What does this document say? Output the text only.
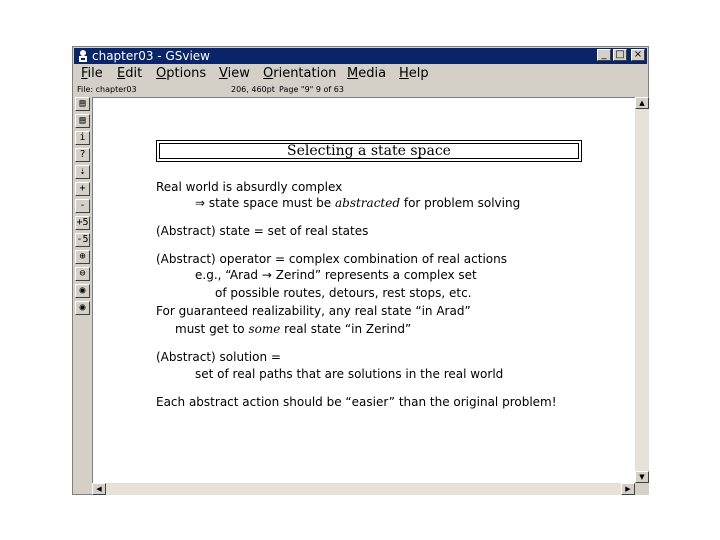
chapter03 - GSview	_ □ ×
File Edit Options View Orientation Media Help
File: chapter03	206, 460pt Page "9" 9 of 63
▤
▤
i
?
⇣
+
-
+5
-5
⊕
⊖
◉
◉
Selecting a state space
Real world is absurdly complex
⇒ state space must be abstracted for problem solving
(Abstract) state = set of real states
(Abstract) operator = complex combination of real actions
e.g., “Arad → Zerind” represents a complex set
of possible routes, detours, rest stops, etc.
For guaranteed realizability, any real state “in Arad”
must get to some real state “in Zerind”
(Abstract) solution =
set of real paths that are solutions in the real world
Each abstract action should be “easier” than the original problem!
▲
▼
◀	▶
